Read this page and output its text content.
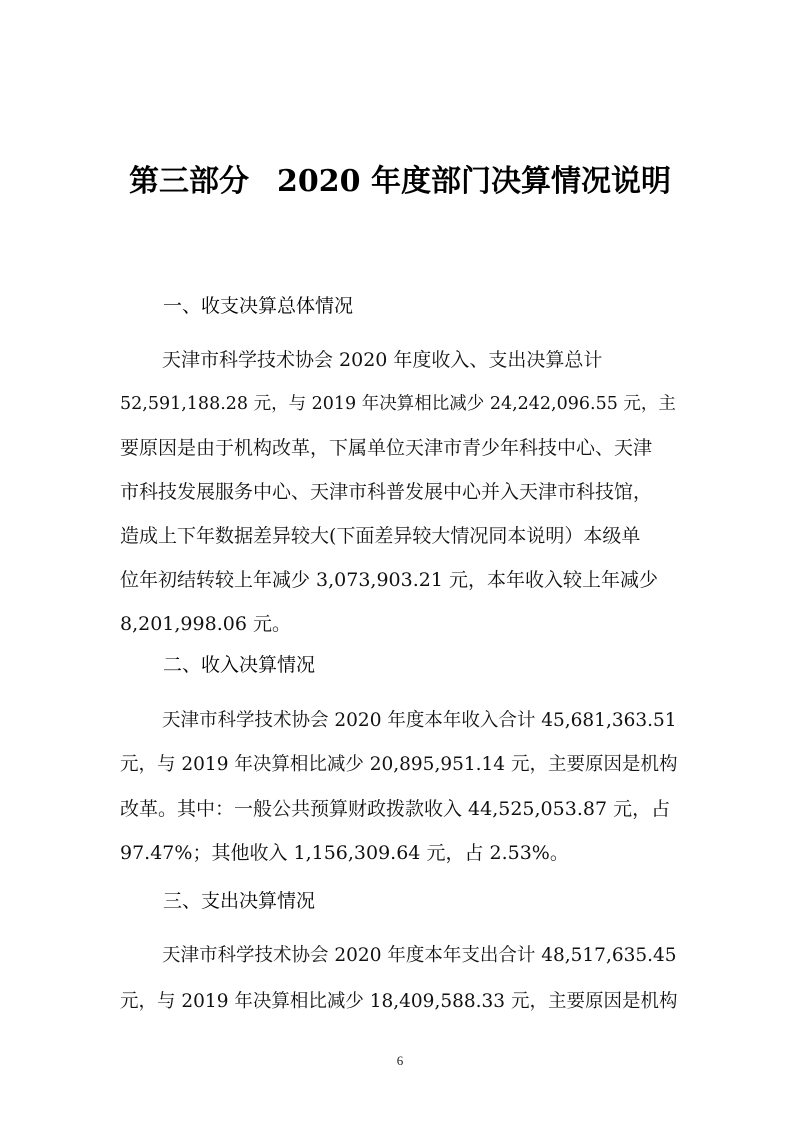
第三部分 2020 年度部门决算情况说明
一、收支决算总体情况
天津市科学技术协会 2020 年度收入、支出决算总计
52,591,188.28 元，与 2019 年决算相比减少 24,242,096.55 元，主
要原因是由于机构改革，下属单位天津市青少年科技中心、天津
市科技发展服务中心、天津市科普发展中心并入天津市科技馆，
造成上下年数据差异较大(下面差异较大情况同本说明）本级单
位年初结转较上年减少 3,073,903.21 元，本年收入较上年减少
8,201,998.06 元。
二、收入决算情况
天津市科学技术协会 2020 年度本年收入合计 45,681,363.51
元，与 2019 年决算相比减少 20,895,951.14 元，主要原因是机构
改革。其中：一般公共预算财政拨款收入 44,525,053.87 元，占
97.47%；其他收入 1,156,309.64 元，占 2.53%。
三、支出决算情况
天津市科学技术协会 2020 年度本年支出合计 48,517,635.45
元，与 2019 年决算相比减少 18,409,588.33 元，主要原因是机构
6
